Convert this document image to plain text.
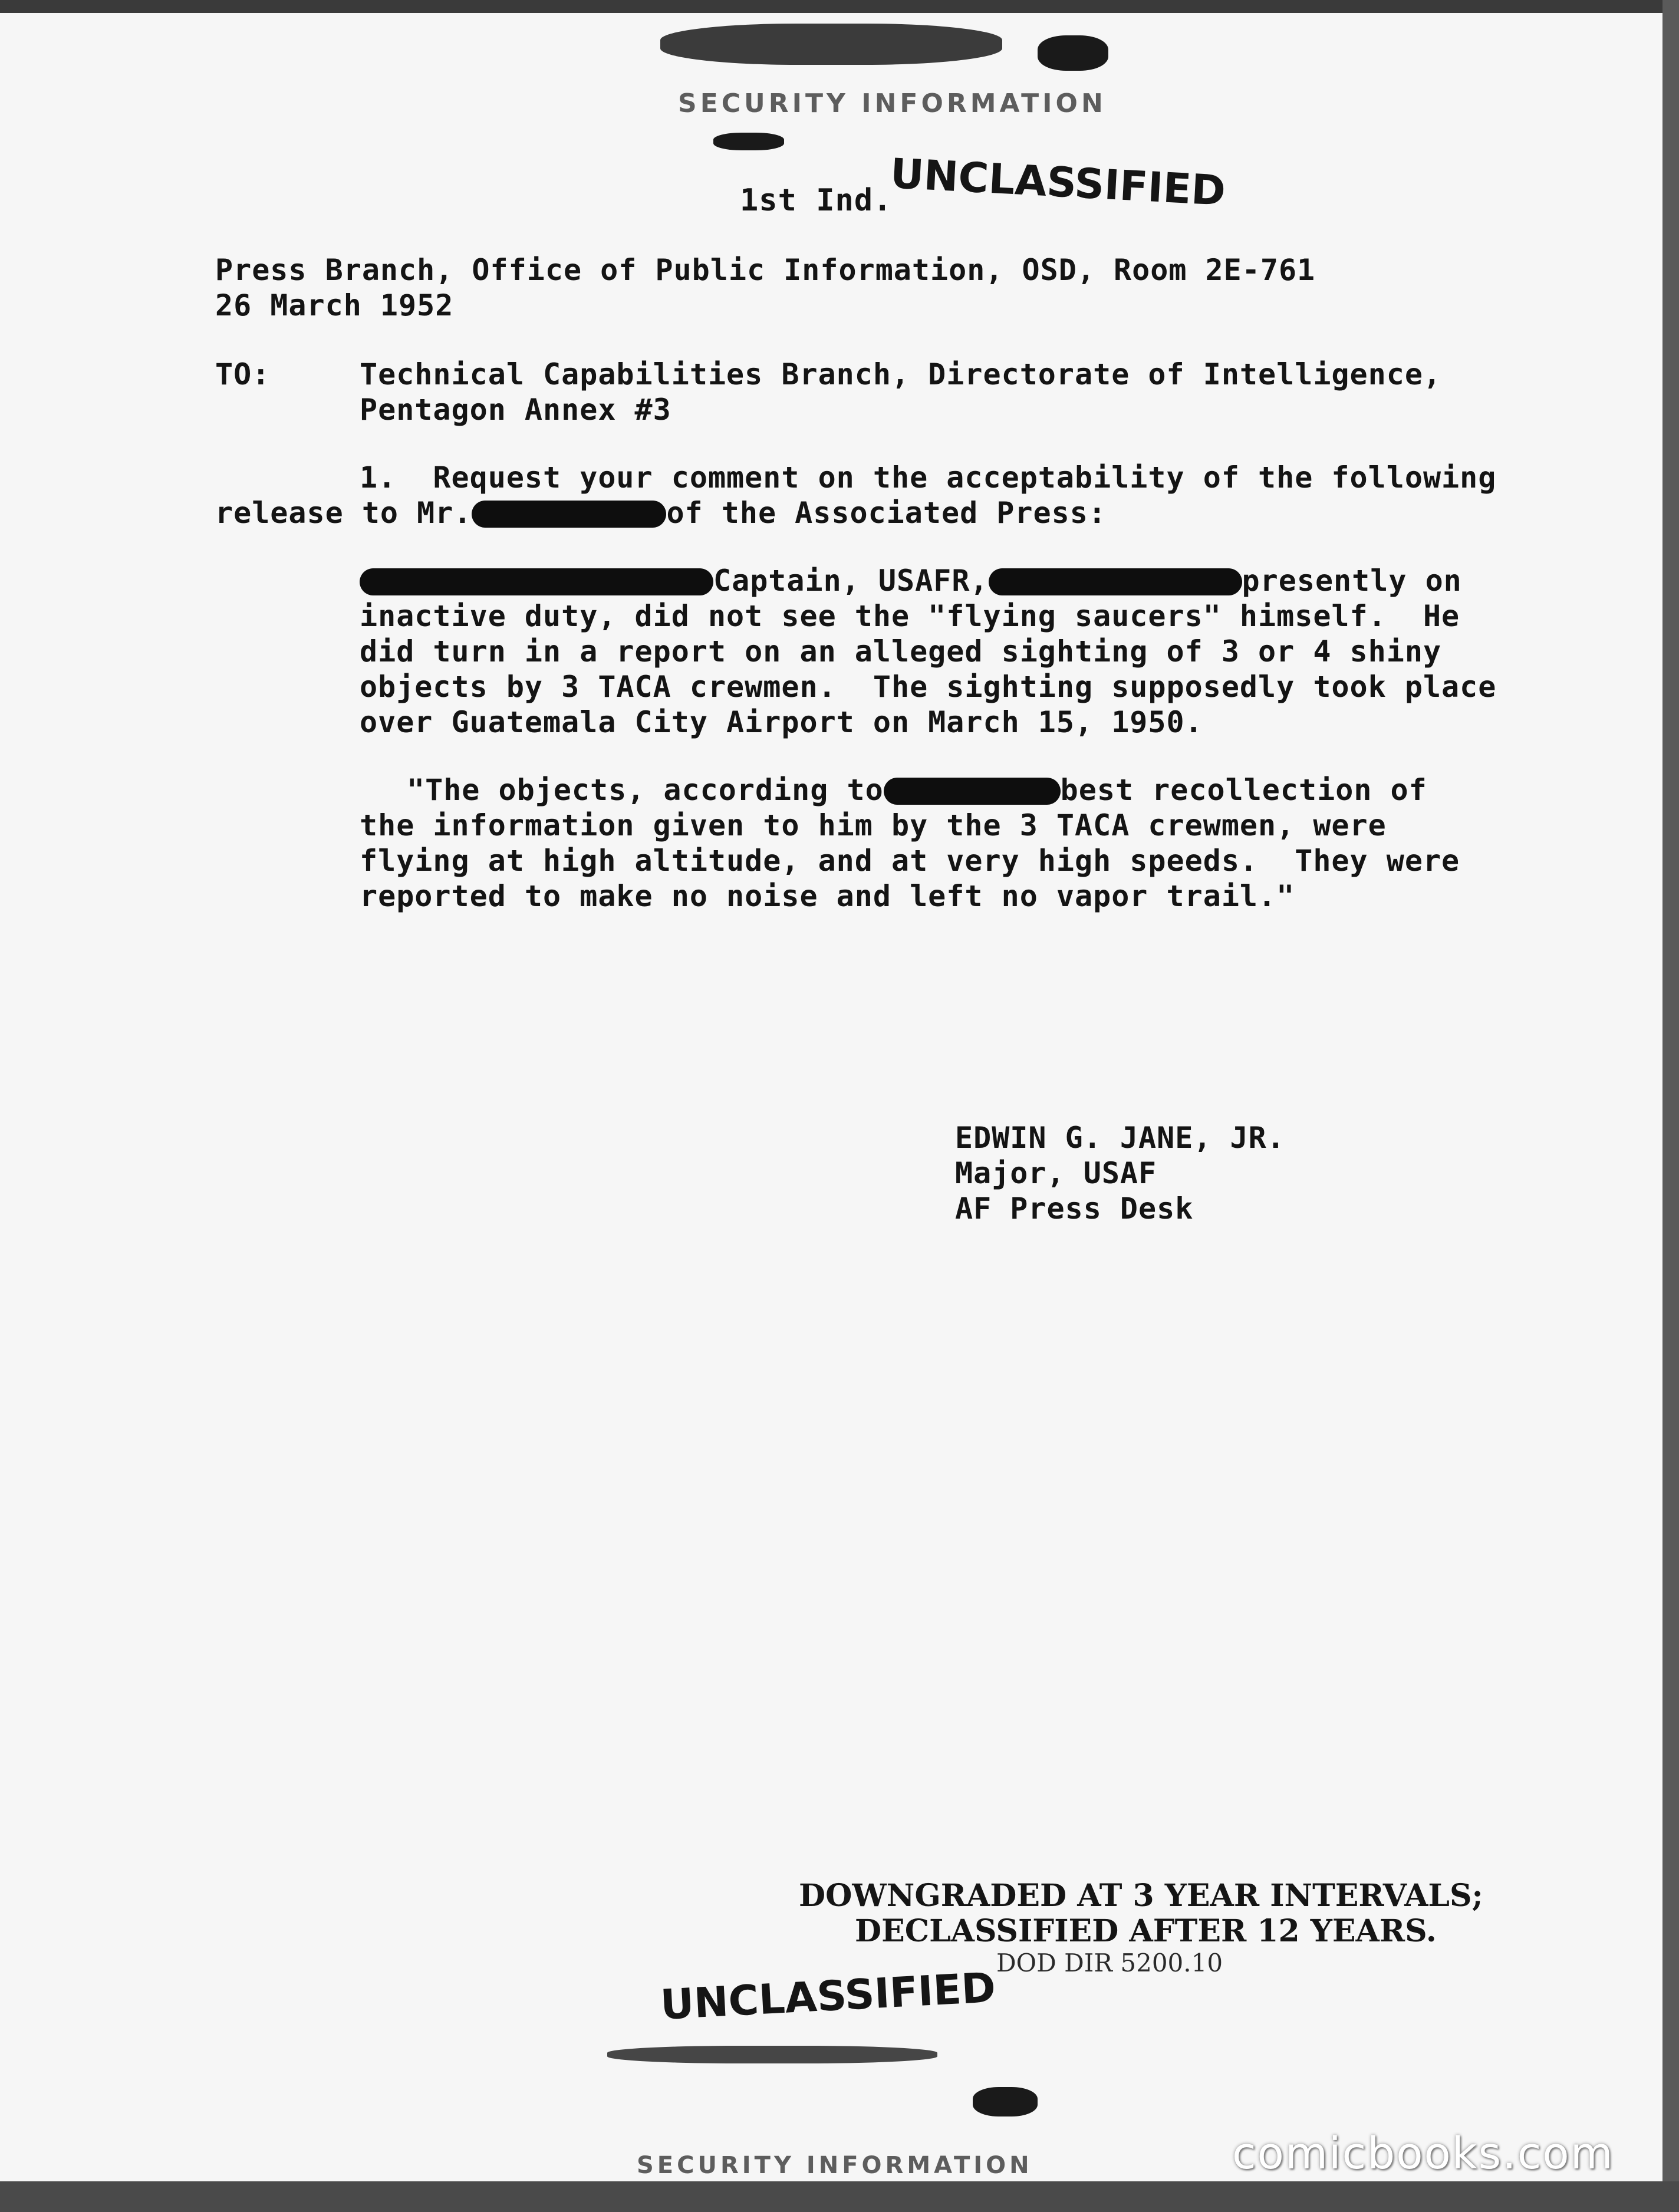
SECURITY INFORMATION
1st Ind.
UNCLASSIFIED
Press Branch, Office of Public Information, OSD, Room 2E-761
26 March 1952
TO:	Technical Capabilities Branch, Directorate of Intelligence,
Pentagon Annex #3
1.  Request your comment on the acceptability of the following
release to Mr.	of the Associated Press:
Captain, USAFR,	presently on
inactive duty, did not see the "flying saucers" himself.  He
did turn in a report on an alleged sighting of 3 or 4 shiny
objects by 3 TACA crewmen.  The sighting supposedly took place
over Guatemala City Airport on March 15, 1950.
"The objects, according to	best recollection of
the information given to him by the 3 TACA crewmen, were
flying at high altitude, and at very high speeds.  They were
reported to make no noise and left no vapor trail."
EDWIN G. JANE, JR.
Major, USAF
AF Press Desk
DOWNGRADED AT 3 YEAR INTERVALS;
DECLASSIFIED AFTER 12 YEARS.
DOD DIR 5200.10
UNCLASSIFIED
SECURITY INFORMATION	comicbooks.com
